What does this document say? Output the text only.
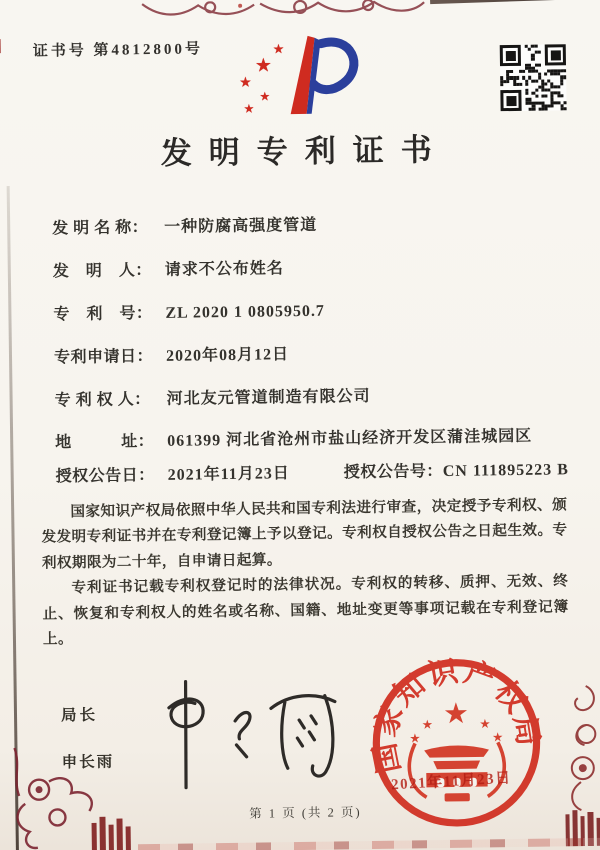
证书号 第4812800号	★
★
★
★
★
发明专利证书
发 明 名 称： 一种防腐高强度管道
发　明　人： 请求不公布姓名
专　利　号： ZL 2020 1 0805950.7
专利申请日： 2020年08月12日
专 利 权 人： 河北友元管道制造有限公司
地　　　址： 061399 河北省沧州市盐山经济开发区蒲洼城园区
授权公告日： 2021年11月23日	授权公告号：CN 111895223 B

国家知识产权局依照中华人民共和国专利法进行审查，决定授予专利权、颁发发明专利证书并在专利登记簿上予以登记。专利权自授权公告之日起生效。专利权期限为二十年，自申请日起算。

专利证书记载专利权登记时的法律状况。专利权的转移、质押、无效、终止、恢复和专利权人的姓名或名称、国籍、地址变更等事项记载在专利登记簿上。

局长
申长雨	国家知识产权局
★
★
★
★
★
2021年11月23日
第 1 页 (共 2 页)
